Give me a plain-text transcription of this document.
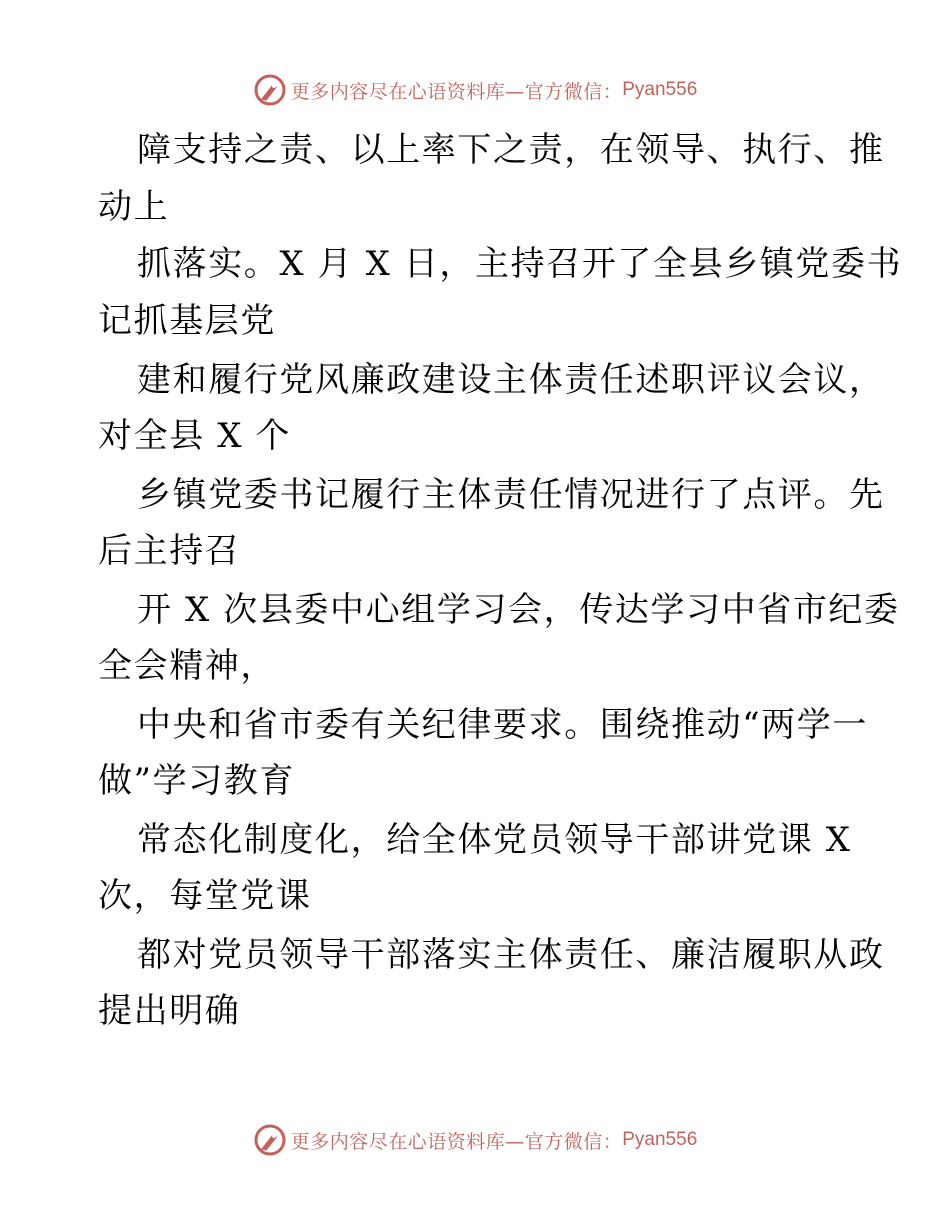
更多内容尽在心语资料库—官方微信： Pyan556
障支持之责、以上率下之责，在领导、执行、推
动上
抓落实。X 月 X 日，主持召开了全县乡镇党委书
记抓基层党
建和履行党风廉政建设主体责任述职评议会议，
对全县 X 个
乡镇党委书记履行主体责任情况进行了点评。先
后主持召
开 X 次县委中心组学习会，传达学习中省市纪委
全会精神，
中央和省市委有关纪律要求。围绕推动“两学一
做”学习教育
常态化制度化，给全体党员领导干部讲党课 X
次，每堂党课
都对党员领导干部落实主体责任、廉洁履职从政
提出明确
更多内容尽在心语资料库—官方微信： Pyan556
